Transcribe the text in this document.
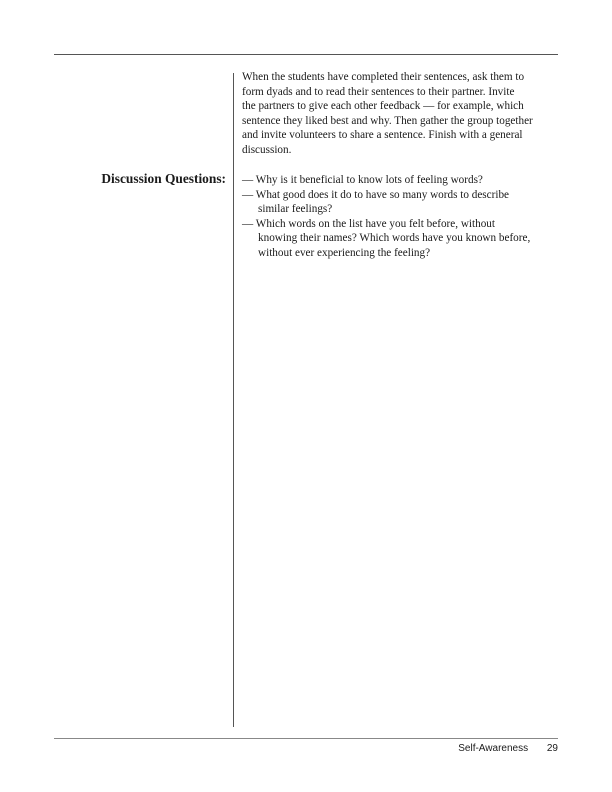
When the students have completed their sentences, ask them to
form dyads and to read their sentences to their partner. Invite
the partners to give each other feedback — for example, which
sentence they liked best and why. Then gather the group together
and invite volunteers to share a sentence. Finish with a general
discussion.

Discussion Questions: — Why is it beneficial to know lots of feeling words?
— What good does it do to have so many words to describe
similar feelings?
— Which words on the list have you felt before, without
knowing their names? Which words have you known before,
without ever experiencing the feeling?
Self-Awareness 29
